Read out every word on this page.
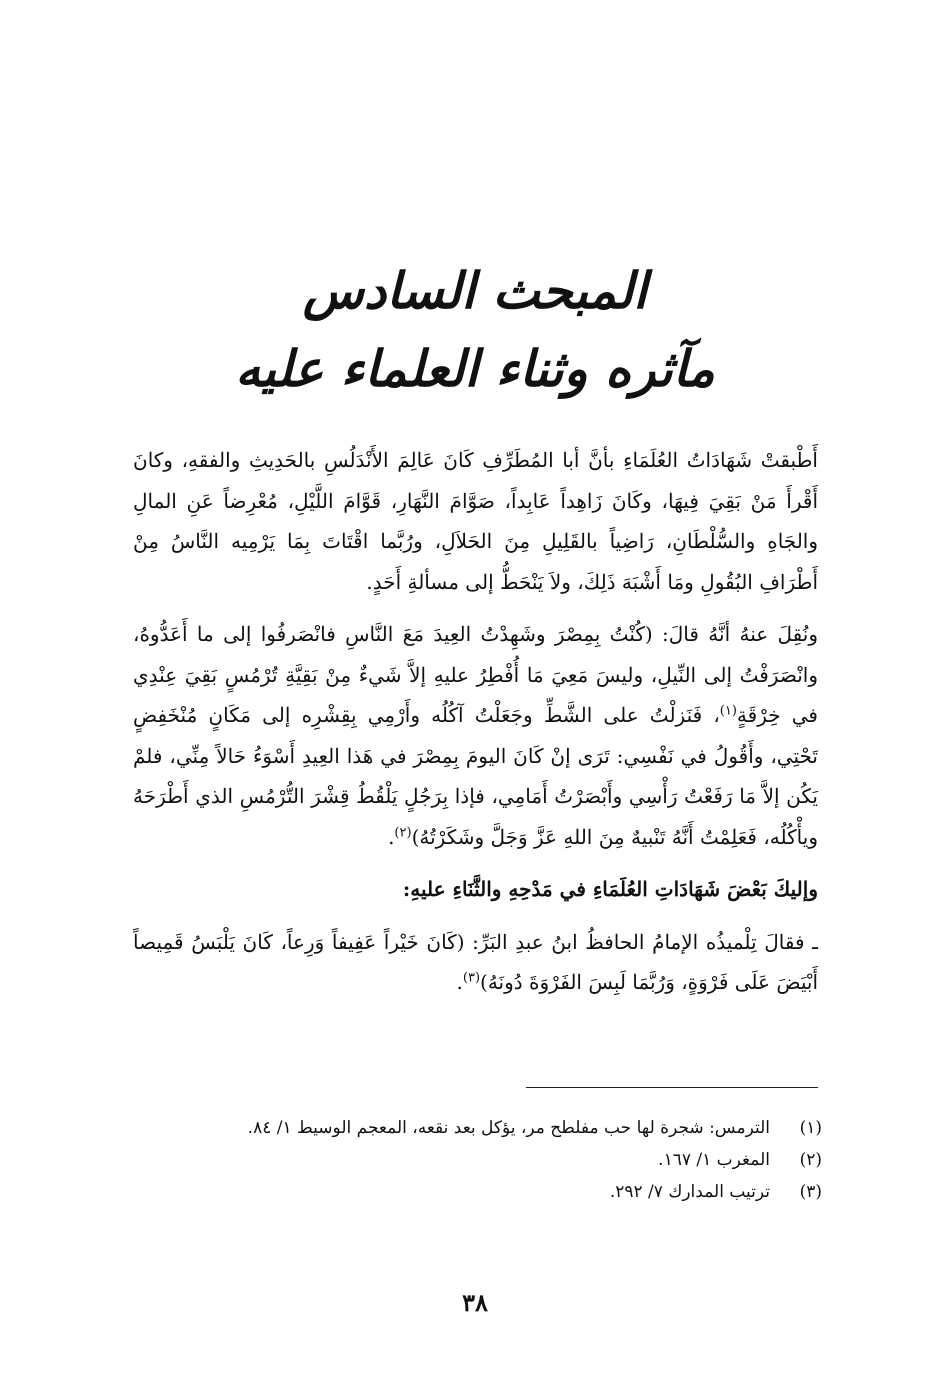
المبحث السادس
مآثره وثناء العلماء عليه

أَطْبقتْ شَهَادَاتُ العُلَمَاءِ بأنَّ أبا المُطَرِّفِ كَانَ عَالِمَ الأَنْدَلُسِ بالحَدِيثِ والفقهِ، وكانَ أَقْرأَ مَنْ بَقِيَ فِيهَا، وكَانَ زَاهِداً عَابِداً، صَوَّامَ النَّهَارِ، قَوَّامَ اللَّيْلِ، مُعْرِضاً عَنِ المالِ والجَاهِ والسُّلْطَانِ، رَاضِياً بالقَلِيلِ مِنَ الحَلاَلِ، ورُبَّما اقْتَاتَ بِمَا يَرْمِيه النَّاسُ مِنْ أَطْرَافِ البُقُولِ ومَا أَشْبَهَ ذَلِكَ، ولاَ يَنْحَطُّ إلى مسألةِ أَحَدٍ.

ونُقِلَ عنهُ أنَّهُ قالَ: (كُنْتُ بِمِصْرَ وشَهِدْتُ العِيدَ مَعَ النَّاسِ فانْصَرفُوا إلى ما أَعَدُّوهُ، وانْصَرَفْتُ إلى النِّيلِ، وليسَ مَعِيَ مَا أُفْطِرُ عليهِ إلاَّ شَيءٌ مِنْ بَقِيَّةِ تُرْمُسٍ بَقِيَ عِنْدِي في خِرْقَةٍ$^{(١)}$، فَنَزلْتُ على الشَّطِّ وجَعَلْتُ آكُلُه وأَرْمِي بِقِشْرِه إلى مَكَانٍ مُنْخَفِضٍ تَحْتِي، وأَقُولُ في نَفْسِي: تَرَى إنْ كَانَ اليومَ بِمِصْرَ في هَذا العِيدِ أَسْوَءُ حَالاً مِنِّي، فلمْ يَكُن إلاَّ مَا رَفَعْتُ رَأْسِي وأَبْصَرْتُ أَمَامِي، فإذا بِرَجُلٍ يَلْقُطُ قِشْرَ التُّرْمُسِ الذي أَطْرَحَهُ ويأْكُلُه، فَعَلِمْتُ أَنَّهُ تَنْبيهٌ مِنَ اللهِ عَزَّ وَجَلَّ وشَكَرْتُهُ)$^{(٢)}$.

وإليكَ بَعْضَ شَهَادَاتِ العُلَمَاءِ في مَدْحِهِ والثَّنَاءِ عليهِ:

ـ فقالَ تِلْميذُه الإمامُ الحافظُ ابنُ عبدِ البَرِّ: (كَانَ خَيْراً عَفِيفاً وَرِعاً، كَانَ يَلْبَسُ قَمِيصاً أَبْيَضَ عَلَى فَرْوَةٍ، وَرُبَّمَا لَبِسَ الفَرْوَةَ دُونَهُ)$^{(٣)}$.

(١)
الترمس: شجرة لها حب مفلطح مر، يؤكل بعد نقعه، المعجم الوسيط ١/ ٨٤.
(٢)
المغرب ١/ ١٦٧.
(٣)
ترتيب المدارك ٧/ ٢٩٢.
٣٨
